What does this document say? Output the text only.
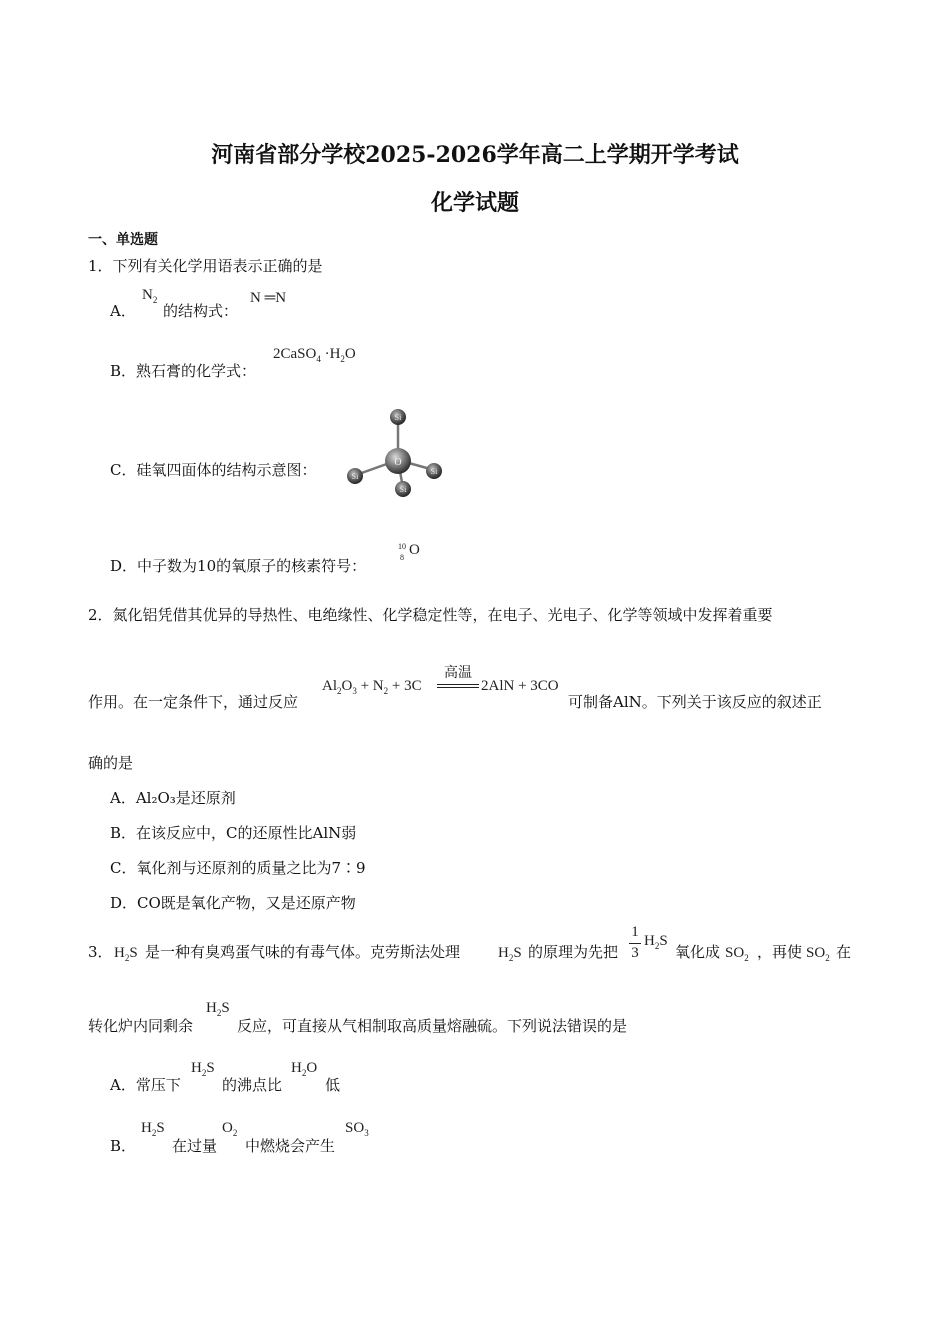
河南省部分学校2025-2026学年高二上学期开学考试
化学试题
一、单选题
1．下列有关化学用语表示正确的是
A．
$N_2$
的结构式：
N ═N
B．熟石膏的化学式：
2CaSO$_4$ $\cdot H_2O$
C．硅氧四面体的结构示意图：
Si
Si
Si
O
Si
D．中子数为10的氧原子的核素符号：
10
8 O
2．氮化铝凭借其优异的导热性、电绝缘性、化学稳定性等，在电子、光电子、化学等领域中发挥着重要
作用。在一定条件下，通过反应
$Al_2O_3 + N_2 + 3C$
高温
2AlN + 3CO
可制备AlN。下列关于该反应的叙述正
确的是
A．Al₂O₃是还原剂
B．在该反应中，C的还原性比AlN弱
C．氧化剂与还原剂的质量之比为7∶9
D．CO既是氧化产物，又是还原产物
3． $H_2S$ 是一种有臭鸡蛋气味的有毒气体。克劳斯法处理	$H_2S$ 的原理为先把
1
3
$H_2S$
氧化成 $SO_2$ ，再使 $SO_2$ 在
转化炉内同剩余
$H_2S$
反应，可直接从气相制取高质量熔融硫。下列说法错误的是
A．常压下
$H_2S$
的沸点比
$H_2O$
低
B．
$H_2S$
在过量
$O_2$
中燃烧会产生
$SO_3$
